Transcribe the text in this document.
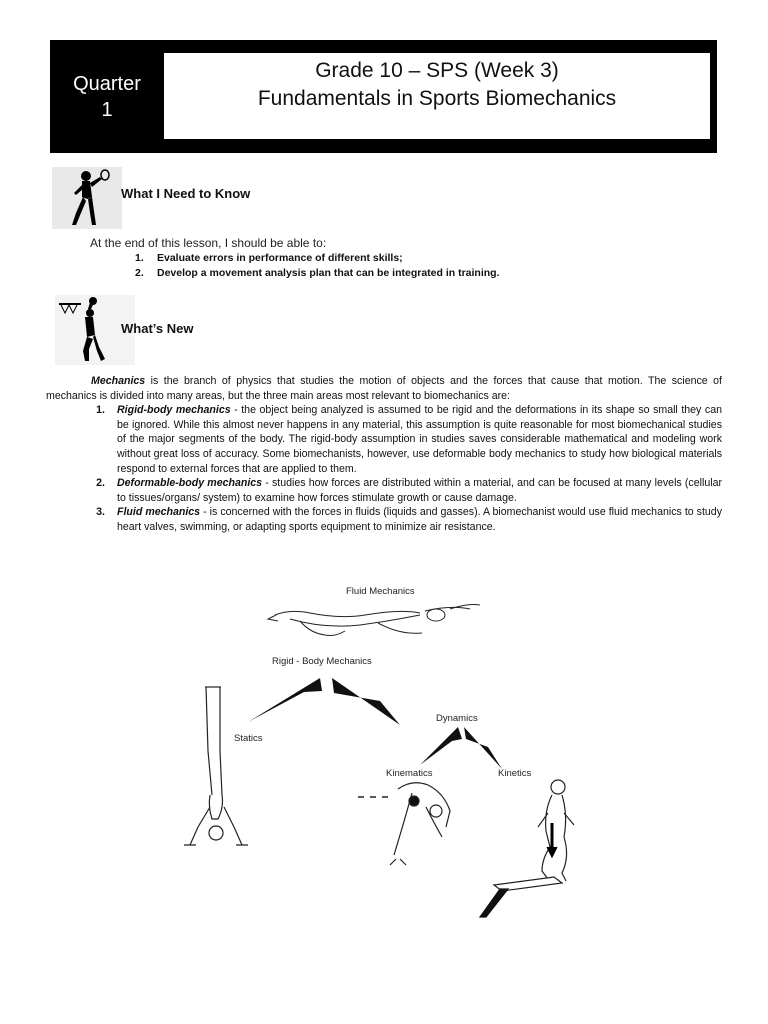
Quarter
1
Grade 10 – SPS (Week 3)
Fundamentals in Sports Biomechanics
What I Need to Know
At the end of this lesson, I should be able to:
1.	Evaluate errors in performance of different skills;
2.	Develop a movement analysis plan that can be integrated in training.
What’s New

Mechanics is the branch of physics that studies the motion of objects and the forces that cause that motion. The science of mechanics is divided into many areas, but the three main areas most relevant to biomechanics are:

1.	Rigid-body mechanics - the object being analyzed is assumed to be rigid and the deformations in its shape so small they can be ignored. While this almost never happens in any material, this assumption is quite reasonable for most biomechanical studies of the major segments of the body. The rigid-body assumption in studies saves considerable mathematical and modeling work without great loss of accuracy. Some biomechanists, however, use deformable body mechanics to study how biological materials respond to external forces that are applied to them.
2.	Deformable-body mechanics - studies how forces are distributed within a material, and can be focused at many levels (cellular to tissues/organs/ system) to examine how forces stimulate growth or cause damage.
3.	Fluid mechanics - is concerned with the forces in fluids (liquids and gasses). A biomechanist would use fluid mechanics to study heart valves, swimming, or adapting sports equipment to minimize air resistance.
Fluid Mechanics
Rigid - Body Mechanics
Statics
Dynamics
Kinematics	Kinetics
